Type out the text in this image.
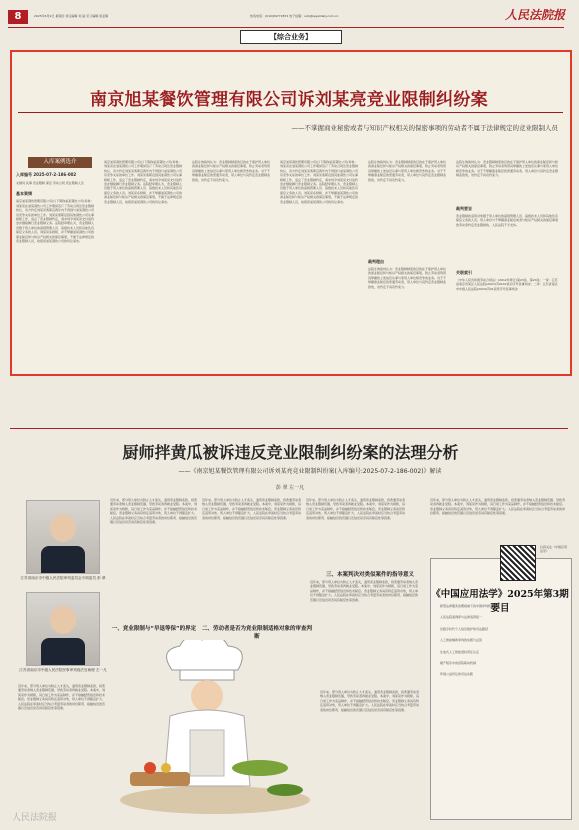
8	2025年6月9日 星期四 责任编辑 刘 丽 见习编辑 庞亚静	热线电话：(010)84772872 电子信箱：sxb@legaldaily.com.cn	人民法院报
【综合业务】
南京旭某餐饮管理有限公司诉刘某亮竞业限制纠纷案
——不掌握商业秘密或者与知识产权相关的保密事项的劳动者不属于法律规定的竞业限制人员
入库案例选介
入库编号 2025-07-2-186-002
关键词 民事 竞业限制 保密 劳动合同 竞业限制人员
基本案情
南京旭某餐饮管理有限公司(以下简称旭某餐饮公司)诉称：刘某亮在旭某餐饮公司工作期间签订了劳动合同及竞业限制协议，双方约定刘某亮离职后两年内不得到与旭某餐饮公司有竞争关系的单位工作。刘某亮离职后到其他餐饮公司从事厨师工作，违反了竞业限制约定，请求判令刘某亮支付违约金并继续履行竞业限制义务。法院经审理认为，竞业限制人员限于用人单位的高级管理人员、高级技术人员和其他负有保密义务的人员。刘某亮系厨师，并不掌握旭某餐饮公司的商业秘密和与知识产权相关的保密事项，不属于法律规定的竞业限制人员，故驳回旭某餐饮公司的诉讼请求。
南京旭某餐饮管理有限公司(以下简称旭某餐饮公司)诉称：刘某亮在旭某餐饮公司工作期间签订了劳动合同及竞业限制协议，双方约定刘某亮离职后两年内不得到与旭某餐饮公司有竞争关系的单位工作。刘某亮离职后到其他餐饮公司从事厨师工作，违反了竞业限制约定，请求判令刘某亮支付违约金并继续履行竞业限制义务。法院经审理认为，竞业限制人员限于用人单位的高级管理人员、高级技术人员和其他负有保密义务的人员。刘某亮系厨师，并不掌握旭某餐饮公司的商业秘密和与知识产权相关的保密事项，不属于法律规定的竞业限制人员，故驳回旭某餐饮公司的诉讼请求。
法院生效裁判认为：竞业限制制度的目的在于保护用人单位的商业秘密和与知识产权相关的保密事项，防止劳动者利用其掌握的上述信息从事与原用人单位相竞争的业务。对于不掌握商业秘密的普通劳动者，用人单位与其约定竞业限制条款的，该约定不具有约束力。
南京旭某餐饮管理有限公司(以下简称旭某餐饮公司)诉称：刘某亮在旭某餐饮公司工作期间签订了劳动合同及竞业限制协议，双方约定刘某亮离职后两年内不得到与旭某餐饮公司有竞争关系的单位工作。刘某亮离职后到其他餐饮公司从事厨师工作，违反了竞业限制约定，请求判令刘某亮支付违约金并继续履行竞业限制义务。法院经审理认为，竞业限制人员限于用人单位的高级管理人员、高级技术人员和其他负有保密义务的人员。刘某亮系厨师，并不掌握旭某餐饮公司的商业秘密和与知识产权相关的保密事项，不属于法律规定的竞业限制人员，故驳回旭某餐饮公司的诉讼请求。
法院生效裁判认为：竞业限制制度的目的在于保护用人单位的商业秘密和与知识产权相关的保密事项，防止劳动者利用其掌握的上述信息从事与原用人单位相竞争的业务。对于不掌握商业秘密的普通劳动者，用人单位与其约定竞业限制条款的，该约定不具有约束力。
裁判理由
法院生效裁判认为：竞业限制制度的目的在于保护用人单位的商业秘密和与知识产权相关的保密事项，防止劳动者利用其掌握的上述信息从事与原用人单位相竞争的业务。对于不掌握商业秘密的普通劳动者，用人单位与其约定竞业限制条款的，该约定不具有约束力。
法院生效裁判认为：竞业限制制度的目的在于保护用人单位的商业秘密和与知识产权相关的保密事项，防止劳动者利用其掌握的上述信息从事与原用人单位相竞争的业务。对于不掌握商业秘密的普通劳动者，用人单位与其约定竞业限制条款的，该约定不具有约束力。
裁判要旨
竞业限制的适用对象限于用人单位的高级管理人员、高级技术人员和其他负有保密义务的人员。用人单位与不掌握商业秘密或者与知识产权相关的保密事项的劳动者约定竞业限制的，人民法院不予支持。
关联索引
《中华人民共和国劳动合同法》(2012年修正)第23条、第24条；一审：江苏省南京市某区人民法院(2023)苏0102民初字号民事判决；二审：江苏省南京市中级人民法院(2024)苏01民终字号民事判决
厨师拌黄瓜被诉违反竞业限制纠纷案的法理分析
——《南京旭某餐饮管理有限公司诉刘某亮竞业限制纠纷案(入库编号:2025-07-2-186-002)》解读
彭 翠 左一凡
江苏省南京市中级人民法院审判委员会专职委员 彭 翠
江苏省南京市中级人民法院民事审判庭法官助理 左一凡
近年来，部分用人单位为防止人才流失，滥用竞业限制条款，将普通劳动者纳入竞业限制范围，导致劳动者再就业受阻。本案中，刘某亮作为厨师，其日常工作为菜品制作，并不接触经营信息和技术秘密。竞业限制义务具有特定适用对象，用人单位不得随意扩大。人民法院在审查时应当综合考量劳动者的岗位职责、接触信息的范围以及信息是否具有秘密性等因素。
近年来，部分用人单位为防止人才流失，滥用竞业限制条款，将普通劳动者纳入竞业限制范围，导致劳动者再就业受阻。本案中，刘某亮作为厨师，其日常工作为菜品制作，并不接触经营信息和技术秘密。竞业限制义务具有特定适用对象，用人单位不得随意扩大。人民法院在审查时应当综合考量劳动者的岗位职责、接触信息的范围以及信息是否具有秘密性等因素。
一、竞业限制与“早退等保”的界定
近年来，部分用人单位为防止人才流失，滥用竞业限制条款，将普通劳动者纳入竞业限制范围，导致劳动者再就业受阻。本案中，刘某亮作为厨师，其日常工作为菜品制作，并不接触经营信息和技术秘密。竞业限制义务具有特定适用对象，用人单位不得随意扩大。人民法院在审查时应当综合考量劳动者的岗位职责、接触信息的范围以及信息是否具有秘密性等因素。
二、劳动者是否为竞业限制适格对象的审查判断
近年来，部分用人单位为防止人才流失，滥用竞业限制条款，将普通劳动者纳入竞业限制范围，导致劳动者再就业受阻。本案中，刘某亮作为厨师，其日常工作为菜品制作，并不接触经营信息和技术秘密。竞业限制义务具有特定适用对象，用人单位不得随意扩大。人民法院在审查时应当综合考量劳动者的岗位职责、接触信息的范围以及信息是否具有秘密性等因素。
三、本案判决对类似案件的指导意义
近年来，部分用人单位为防止人才流失，滥用竞业限制条款，将普通劳动者纳入竞业限制范围，导致劳动者再就业受阻。本案中，刘某亮作为厨师，其日常工作为菜品制作，并不接触经营信息和技术秘密。竞业限制义务具有特定适用对象，用人单位不得随意扩大。人民法院在审查时应当综合考量劳动者的岗位职责、接触信息的范围以及信息是否具有秘密性等因素。
近年来，部分用人单位为防止人才流失，滥用竞业限制条款，将普通劳动者纳入竞业限制范围，导致劳动者再就业受阻。本案中，刘某亮作为厨师，其日常工作为菜品制作，并不接触经营信息和技术秘密。竞业限制义务具有特定适用对象，用人单位不得随意扩大。人民法院在审查时应当综合考量劳动者的岗位职责、接触信息的范围以及信息是否具有秘密性等因素。
扫码关注《中国应用法学》
《中国应用法学》2025年第3期要目
新型法律服务治理视域下的中国审判机制研究
人民法院案例库与法律适用统一
论数字时代个人信息保护的司法路径
人工智能辅助审判的实践与反思
生成式人工智能侵权责任认定
破产程序中的府院联动机制
环境公益诉讼的司法实践
近年来，部分用人单位为防止人才流失，滥用竞业限制条款，将普通劳动者纳入竞业限制范围，导致劳动者再就业受阻。本案中，刘某亮作为厨师，其日常工作为菜品制作，并不接触经营信息和技术秘密。竞业限制义务具有特定适用对象，用人单位不得随意扩大。人民法院在审查时应当综合考量劳动者的岗位职责、接触信息的范围以及信息是否具有秘密性等因素。
人民法院报
